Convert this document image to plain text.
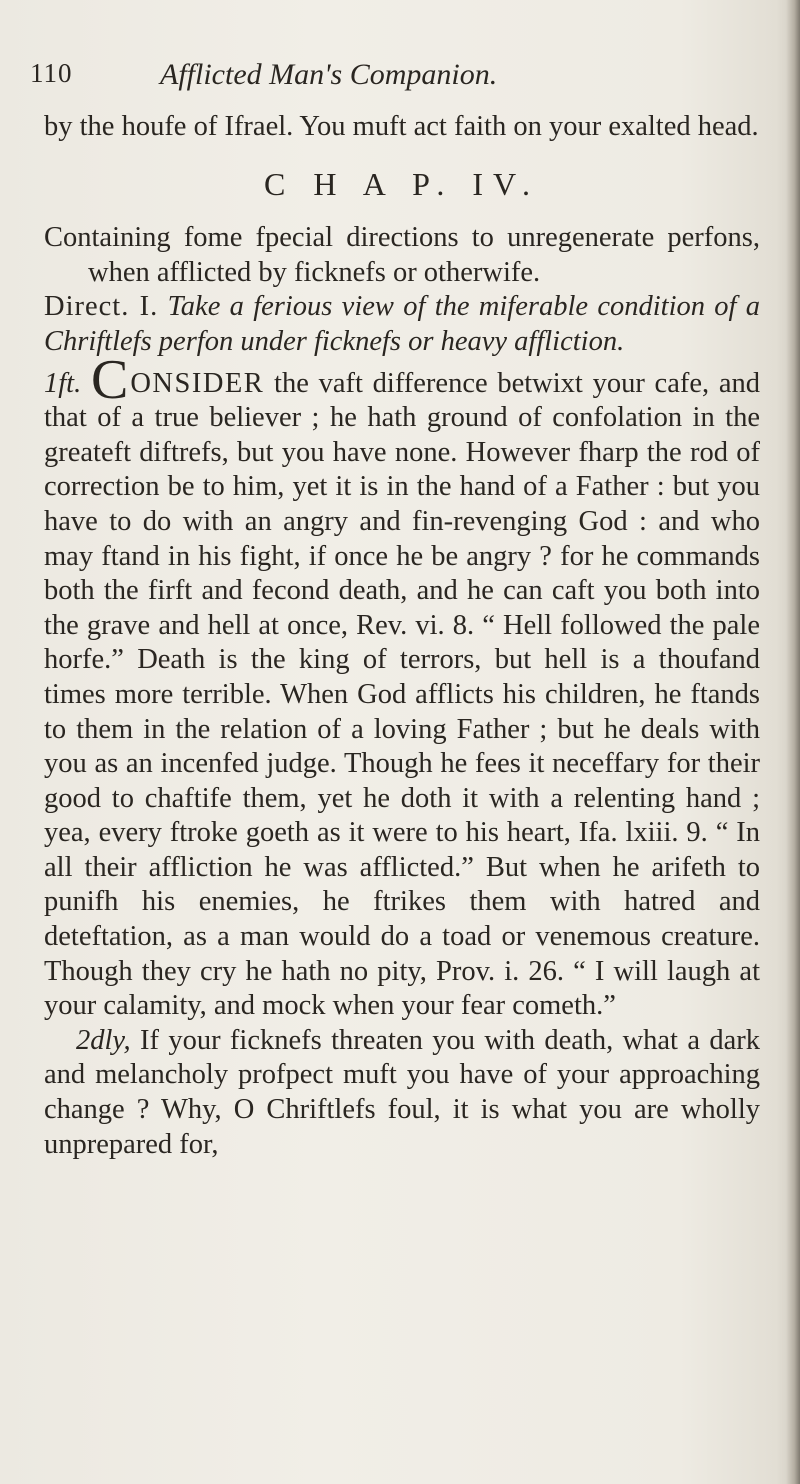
110	Afflicted Man's Companion.

by the houfe of Ifrael. You muft act faith on your exalted head.

C H A P. IV.

Containing fome fpecial directions to unregenerate perfons, when afflicted by ficknefs or otherwife.

Direct. I. Take a ferious view of the miferable condition of a Chriftlefs perfon under ficknefs or heavy affliction.

1ft. CONSIDER the vaft difference betwixt your cafe, and that of a true believer ; he hath ground of confolation in the greateft diftrefs, but you have none. However fharp the rod of correction be to him, yet it is in the hand of a Father : but you have to do with an angry and fin-revenging God : and who may ftand in his fight, if once he be angry ? for he commands both the firft and fecond death, and he can caft you both into the grave and hell at once, Rev. vi. 8. “ Hell followed the pale horfe.” Death is the king of terrors, but hell is a thoufand times more terrible. When God afflicts his children, he ftands to them in the relation of a loving Father ; but he deals with you as an incenfed judge. Though he fees it neceffary for their good to chaftife them, yet he doth it with a relenting hand ; yea, every ftroke goeth as it were to his heart, Ifa. lxiii. 9. “ In all their affliction he was afflicted.” But when he arifeth to punifh his enemies, he ftrikes them with hatred and deteftation, as a man would do a toad or venemous creature. Though they cry he hath no pity, Prov. i. 26. “ I will laugh at your calamity, and mock when your fear cometh.”

2dly, If your ficknefs threaten you with death, what a dark and melancholy profpect muft you have of your approaching change ? Why, O Chriftlefs foul, it is what you are wholly unprepared for,
